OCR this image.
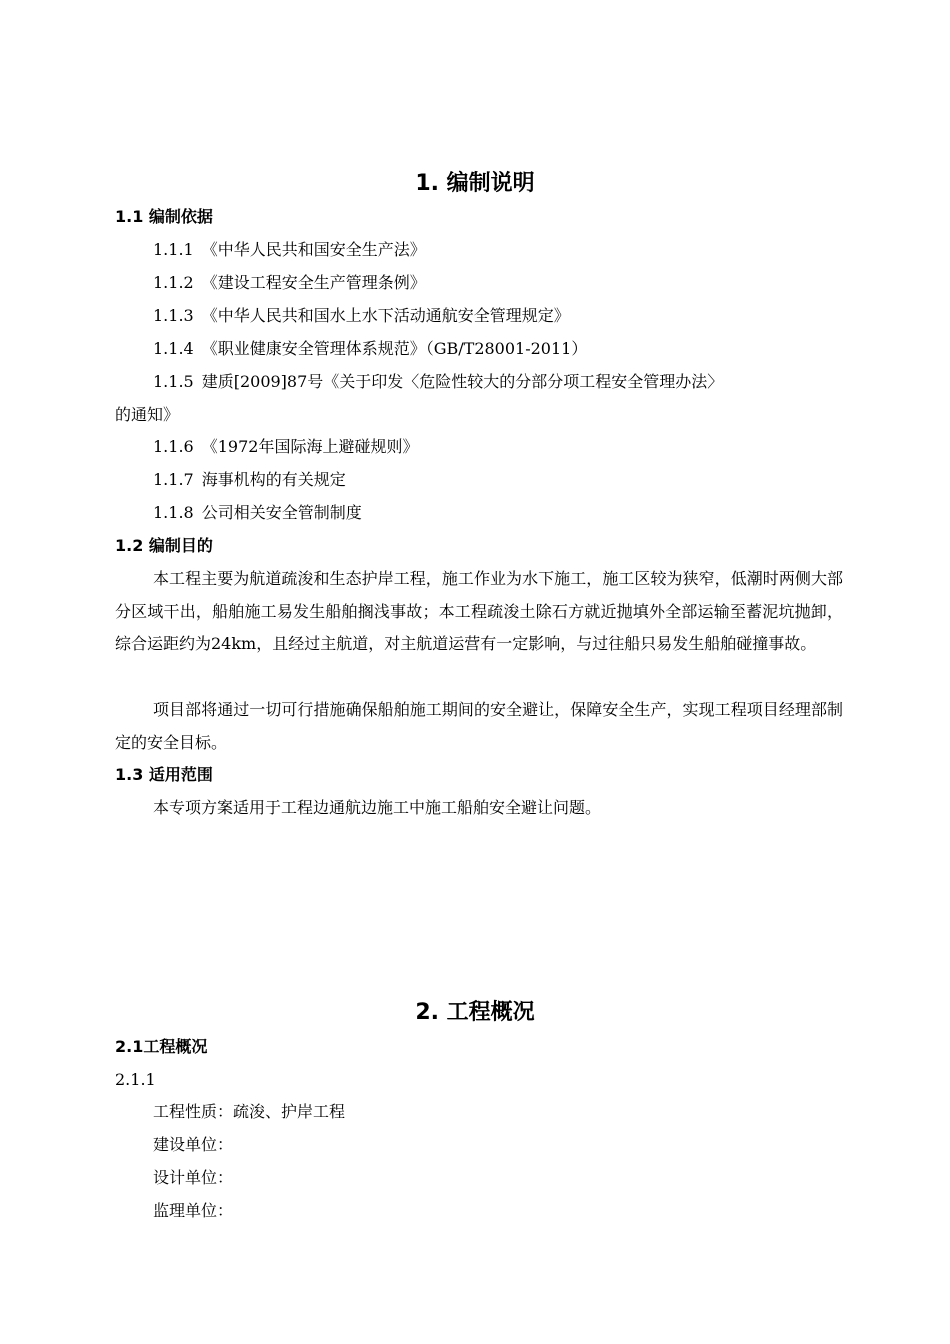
1. 编制说明
1.1 编制依据
1.1.1 《中华人民共和国安全生产法》
1.1.2 《建设工程安全生产管理条例》
1.1.3 《中华人民共和国水上水下活动通航安全管理规定》
1.1.4 《职业健康安全管理体系规范》（GB/T28001-2011）
1.1.5 建质[2009]87号《关于印发〈危险性较大的分部分项工程安全管理办法〉
的通知》
1.1.6 《1972年国际海上避碰规则》
1.1.7 海事机构的有关规定
1.1.8 公司相关安全管制制度
1.2 编制目的
本工程主要为航道疏浚和生态护岸工程，施工作业为水下施工，施工区较为狭窄，低潮时两侧大部分区域干出，船舶施工易发生船舶搁浅事故；本工程疏浚土除石方就近抛填外全部运输至蓄泥坑抛卸，综合运距约为24km，且经过主航道，对主航道运营有一定影响，与过往船只易发生船舶碰撞事故。
项目部将通过一切可行措施确保船舶施工期间的安全避让，保障安全生产，实现工程项目经理部制定的安全目标。
1.3 适用范围
本专项方案适用于工程边通航边施工中施工船舶安全避让问题。
2. 工程概况
2.1工程概况
2.1.1
工程性质：疏浚、护岸工程
建设单位：
设计单位：
监理单位：
